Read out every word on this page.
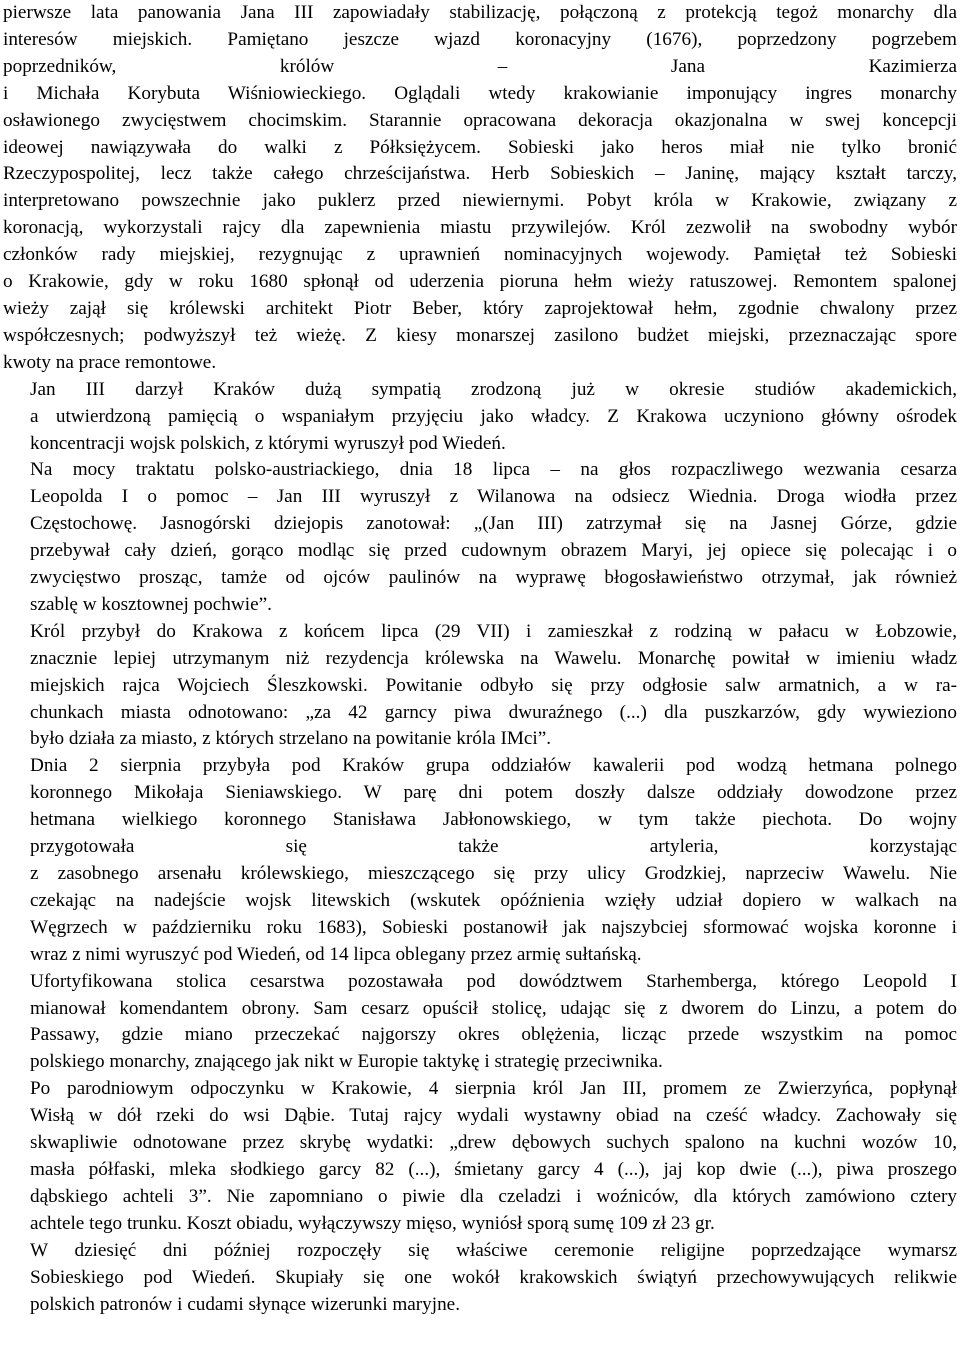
pierwsze lata panowania Jana III zapowiadały stabilizację, połączoną z protekcją tegoż monarchy dla
interesów miejskich. Pamiętano jeszcze wjazd koronacyjny (1676), poprzedzony pogrzebem
poprzedników, królów – Jana Kazimierza
i Michała Korybuta Wiśniowieckiego. Oglądali wtedy krakowianie imponujący ingres monarchy
osławionego zwycięstwem chocimskim. Starannie opracowana dekoracja okazjonalna w swej koncepcji
ideowej nawiązywała do walki z Półksiężycem. Sobieski jako heros miał nie tylko bronić
Rzeczypospolitej, lecz także całego chrześcijaństwa. Herb Sobieskich – Janinę, mający kształt tarczy,
interpretowano powszechnie jako puklerz przed niewiernymi. Pobyt króla w Krakowie, związany z
koronacją, wykorzystali rajcy dla zapewnienia miastu przywilejów. Król zezwolił na swobodny wybór
członków rady miejskiej, rezygnując z uprawnień nominacyjnych wojewody. Pamiętał też Sobieski
o Krakowie, gdy w roku 1680 spłonął od uderzenia pioruna hełm wieży ratuszowej. Remontem spalonej
wieży zajął się królewski architekt Piotr Beber, który zaprojektował hełm, zgodnie chwalony przez
współczesnych; podwyższył też wieżę. Z kiesy monarszej zasilono budżet miejski, przeznaczając spore
kwoty na prace remontowe.

Jan III darzył Kraków dużą sympatią zrodzoną już w okresie studiów akademickich,
a utwierdzoną pamięcią o wspaniałym przyjęciu jako władcy. Z Krakowa uczyniono główny ośrodek
koncentracji wojsk polskich, z którymi wyruszył pod Wiedeń.

Na mocy traktatu polsko-austriackiego, dnia 18 lipca – na głos rozpaczliwego wezwania cesarza
Leopolda I o pomoc – Jan III wyruszył z Wilanowa na odsiecz Wiednia. Droga wiodła przez
Częstochowę. Jasnogórski dziejopis zanotował: „(Jan III) zatrzymał się na Jasnej Górze, gdzie
przebywał cały dzień, gorąco modląc się przed cudownym obrazem Maryi, jej opiece się polecając i o
zwycięstwo prosząc, tamże od ojców paulinów na wyprawę błogosławieństwo otrzymał, jak również
szablę w kosztownej pochwie”.

Król przybył do Krakowa z końcem lipca (29 VII) i zamieszkał z rodziną w pałacu w Łobzowie,
znacznie lepiej utrzymanym niż rezydencja królewska na Wawelu. Monarchę powitał w imieniu władz
miejskich rajca Wojciech Śleszkowski. Powitanie odbyło się przy odgłosie salw armatnich, a w ra-
chunkach miasta odnotowano: „za 42 garncy piwa dwuraźnego (...) dla puszkarzów, gdy wywieziono
było działa za miasto, z których strzelano na powitanie króla IMci”.

Dnia 2 sierpnia przybyła pod Kraków grupa oddziałów kawalerii pod wodzą hetmana polnego
koronnego Mikołaja Sieniawskiego. W parę dni potem doszły dalsze oddziały dowodzone przez
hetmana wielkiego koronnego Stanisława Jabłonowskiego, w tym także piechota. Do wojny
przygotowała się także artyleria, korzystając
z zasobnego arsenału królewskiego, mieszczącego się przy ulicy Grodzkiej, naprzeciw Wawelu. Nie
czekając na nadejście wojsk litewskich (wskutek opóźnienia wzięły udział dopiero w walkach na
Węgrzech w październiku roku 1683), Sobieski postanowił jak najszybciej sformować wojska koronne i
wraz z nimi wyruszyć pod Wiedeń, od 14 lipca oblegany przez armię sułtańską.

Ufortyfikowana stolica cesarstwa pozostawała pod dowództwem Starhemberga, którego Leopold I
mianował komendantem obrony. Sam cesarz opuścił stolicę, udając się z dworem do Linzu, a potem do
Passawy, gdzie miano przeczekać najgorszy okres oblężenia, licząc przede wszystkim na pomoc
polskiego monarchy, znającego jak nikt w Europie taktykę i strategię przeciwnika.

Po parodniowym odpoczynku w Krakowie, 4 sierpnia król Jan III, promem ze Zwierzyńca, popłynął
Wisłą w dół rzeki do wsi Dąbie. Tutaj rajcy wydali wystawny obiad na cześć władcy. Zachowały się
skwapliwie odnotowane przez skrybę wydatki: „drew dębowych suchych spalono na kuchni wozów 10,
masła półfaski, mleka słodkiego garcy 82 (...), śmietany garcy 4 (...), jaj kop dwie (...), piwa proszego
dąbskiego achteli 3”. Nie zapomniano o piwie dla czeladzi i woźniców, dla których zamówiono cztery
achtele tego trunku. Koszt obiadu, wyłączywszy mięso, wyniósł sporą sumę 109 zł 23 gr.

W dziesięć dni później rozpoczęły się właściwe ceremonie religijne poprzedzające wymarsz
Sobieskiego pod Wiedeń. Skupiały się one wokół krakowskich świątyń przechowywujących relikwie
polskich patronów i cudami słynące wizerunki maryjne.
